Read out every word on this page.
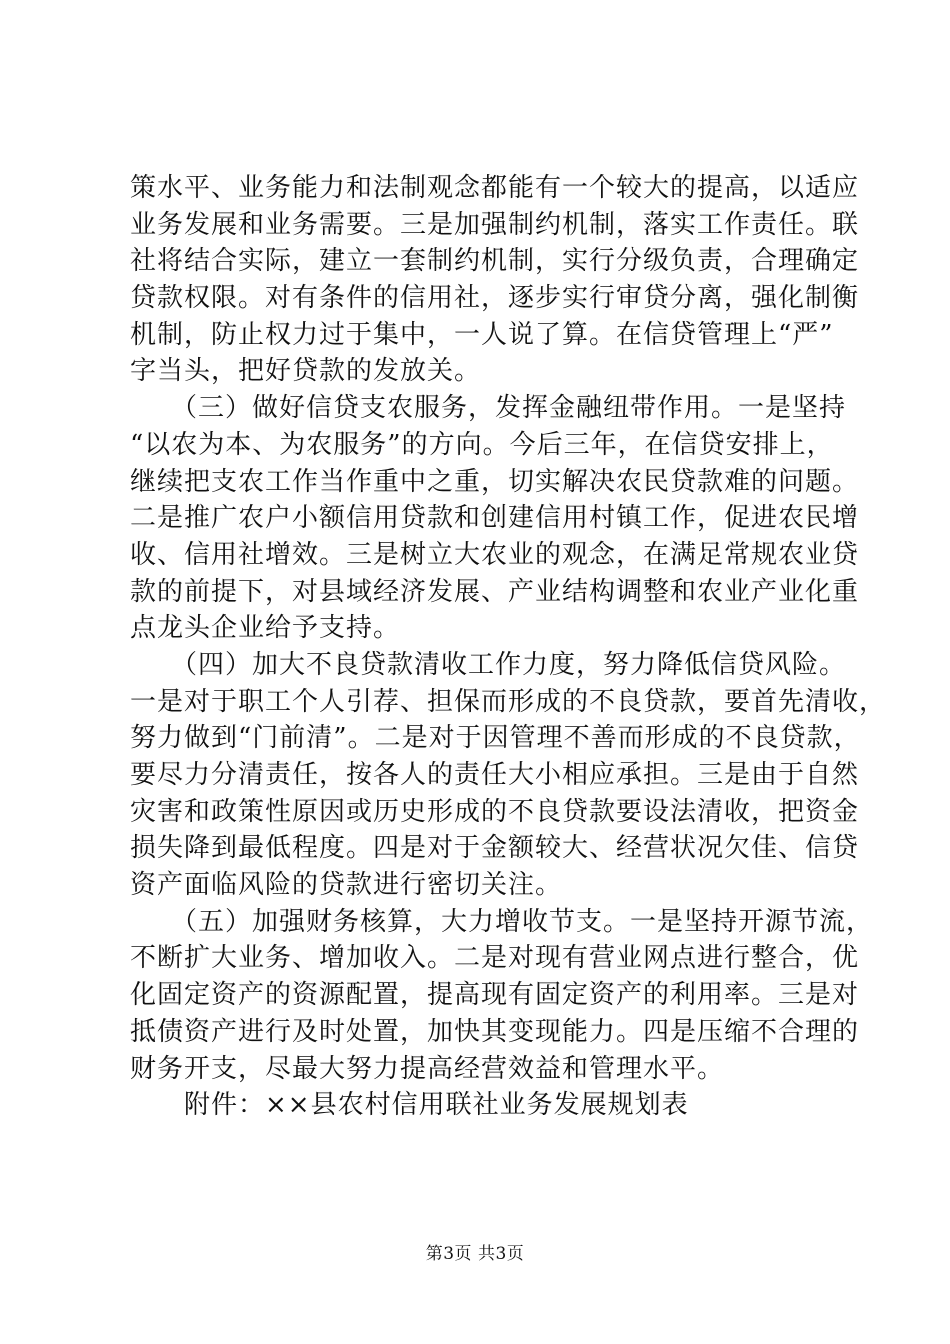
策水平、业务能力和法制观念都能有一个较大的提高，以适应
业务发展和业务需要。三是加强制约机制，落实工作责任。联
社将结合实际，建立一套制约机制，实行分级负责，合理确定
贷款权限。对有条件的信用社，逐步实行审贷分离，强化制衡
机制，防止权力过于集中，一人说了算。在信贷管理上“严”
字当头，把好贷款的发放关。
　　（三）做好信贷支农服务，发挥金融纽带作用。一是坚持
“以农为本、为农服务”的方向。今后三年，在信贷安排上，
继续把支农工作当作重中之重，切实解决农民贷款难的问题。
二是推广农户小额信用贷款和创建信用村镇工作，促进农民增
收、信用社增效。三是树立大农业的观念，在满足常规农业贷
款的前提下，对县域经济发展、产业结构调整和农业产业化重
点龙头企业给予支持。
　　（四）加大不良贷款清收工作力度，努力降低信贷风险。
一是对于职工个人引荐、担保而形成的不良贷款，要首先清收，
努力做到“门前清”。二是对于因管理不善而形成的不良贷款，
要尽力分清责任，按各人的责任大小相应承担。三是由于自然
灾害和政策性原因或历史形成的不良贷款要设法清收，把资金
损失降到最低程度。四是对于金额较大、经营状况欠佳、信贷
资产面临风险的贷款进行密切关注。
　　（五）加强财务核算，大力增收节支。一是坚持开源节流，
不断扩大业务、增加收入。二是对现有营业网点进行整合，优
化固定资产的资源配置，提高现有固定资产的利用率。三是对
抵债资产进行及时处置，加快其变现能力。四是压缩不合理的
财务开支，尽最大努力提高经营效益和管理水平。
　　附件：××县农村信用联社业务发展规划表
第3页 共3页
